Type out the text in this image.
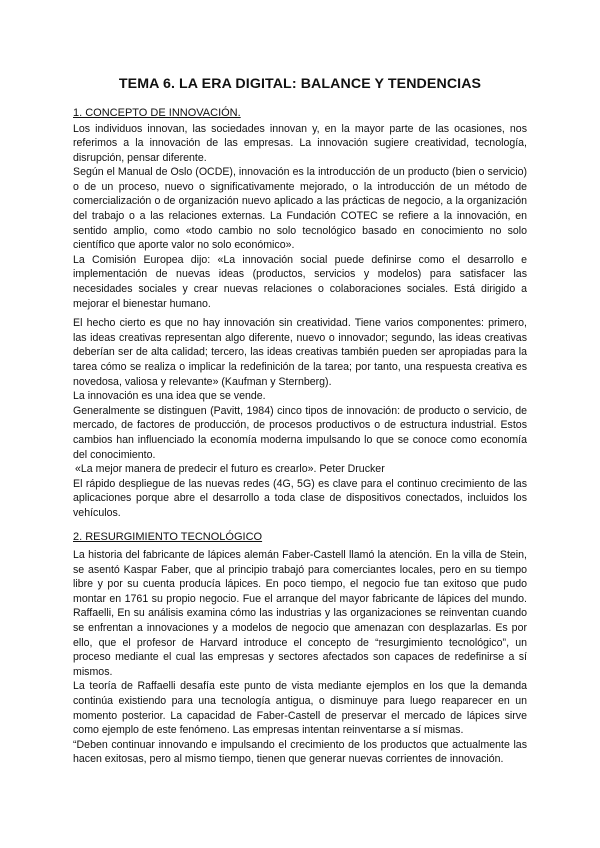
TEMA 6. LA ERA DIGITAL: BALANCE Y TENDENCIAS
1. CONCEPTO DE INNOVACIÓN.

Los individuos innovan, las sociedades innovan y, en la mayor parte de las ocasiones, nos referimos a la innovación de las empresas. La innovación sugiere creatividad, tecnología, disrupción, pensar diferente.

Según el Manual de Oslo (OCDE), innovación es la introducción de un producto (bien o servicio) o de un proceso, nuevo o significativamente mejorado, o la introducción de un método de comercialización o de organización nuevo aplicado a las prácticas de negocio, a la organización del trabajo o a las relaciones externas. La Fundación COTEC se refiere a la innovación, en sentido amplio, como «todo cambio no solo tecnológico basado en conocimiento no solo científico que aporte valor no solo económico».

La Comisión Europea dijo: «La innovación social puede definirse como el desarrollo e implementación de nuevas ideas (productos, servicios y modelos) para satisfacer las necesidades sociales y crear nuevas relaciones o colaboraciones sociales. Está dirigido a mejorar el bienestar humano.

El hecho cierto es que no hay innovación sin creatividad. Tiene varios componentes: primero, las ideas creativas representan algo diferente, nuevo o innovador; segundo, las ideas creativas deberían ser de alta calidad; tercero, las ideas creativas también pueden ser apropiadas para la tarea cómo se realiza o implicar la redefinición de la tarea; por tanto, una respuesta creativa es novedosa, valiosa y relevante» (Kaufman y Sternberg).

La innovación es una idea que se vende.

Generalmente se distinguen (Pavitt, 1984) cinco tipos de innovación: de producto o servicio, de mercado, de factores de producción, de procesos productivos o de estructura industrial. Estos cambios han influenciado la economía moderna impulsando lo que se conoce como economía del conocimiento.

«La mejor manera de predecir el futuro es crearlo». Peter Drucker

El rápido despliegue de las nuevas redes (4G, 5G) es clave para el continuo crecimiento de las aplicaciones porque abre el desarrollo a toda clase de dispositivos conectados, incluidos los vehículos.

2. RESURGIMIENTO TECNOLÓGICO

La historia del fabricante de lápices alemán Faber-Castell llamó la atención. En la villa de Stein, se asentó Kaspar Faber, que al principio trabajó para comerciantes locales, pero en su tiempo libre y por su cuenta producía lápices. En poco tiempo, el negocio fue tan exitoso que pudo montar en 1761 su propio negocio. Fue el arranque del mayor fabricante de lápices del mundo. Raffaelli, En su análisis examina cómo las industrias y las organizaciones se reinventan cuando se enfrentan a innovaciones y a modelos de negocio que amenazan con desplazarlas. Es por ello, que el profesor de Harvard introduce el concepto de “resurgimiento tecnológico”, un proceso mediante el cual las empresas y sectores afectados son capaces de redefinirse a sí mismos.

La teoría de Raffaelli desafía este punto de vista mediante ejemplos en los que la demanda continúa existiendo para una tecnología antigua, o disminuye para luego reaparecer en un momento posterior. La capacidad de Faber-Castell de preservar el mercado de lápices sirve como ejemplo de este fenómeno. Las empresas intentan reinventarse a sí mismas.

“Deben continuar innovando e impulsando el crecimiento de los productos que actualmente las hacen exitosas, pero al mismo tiempo, tienen que generar nuevas corrientes de innovación.
